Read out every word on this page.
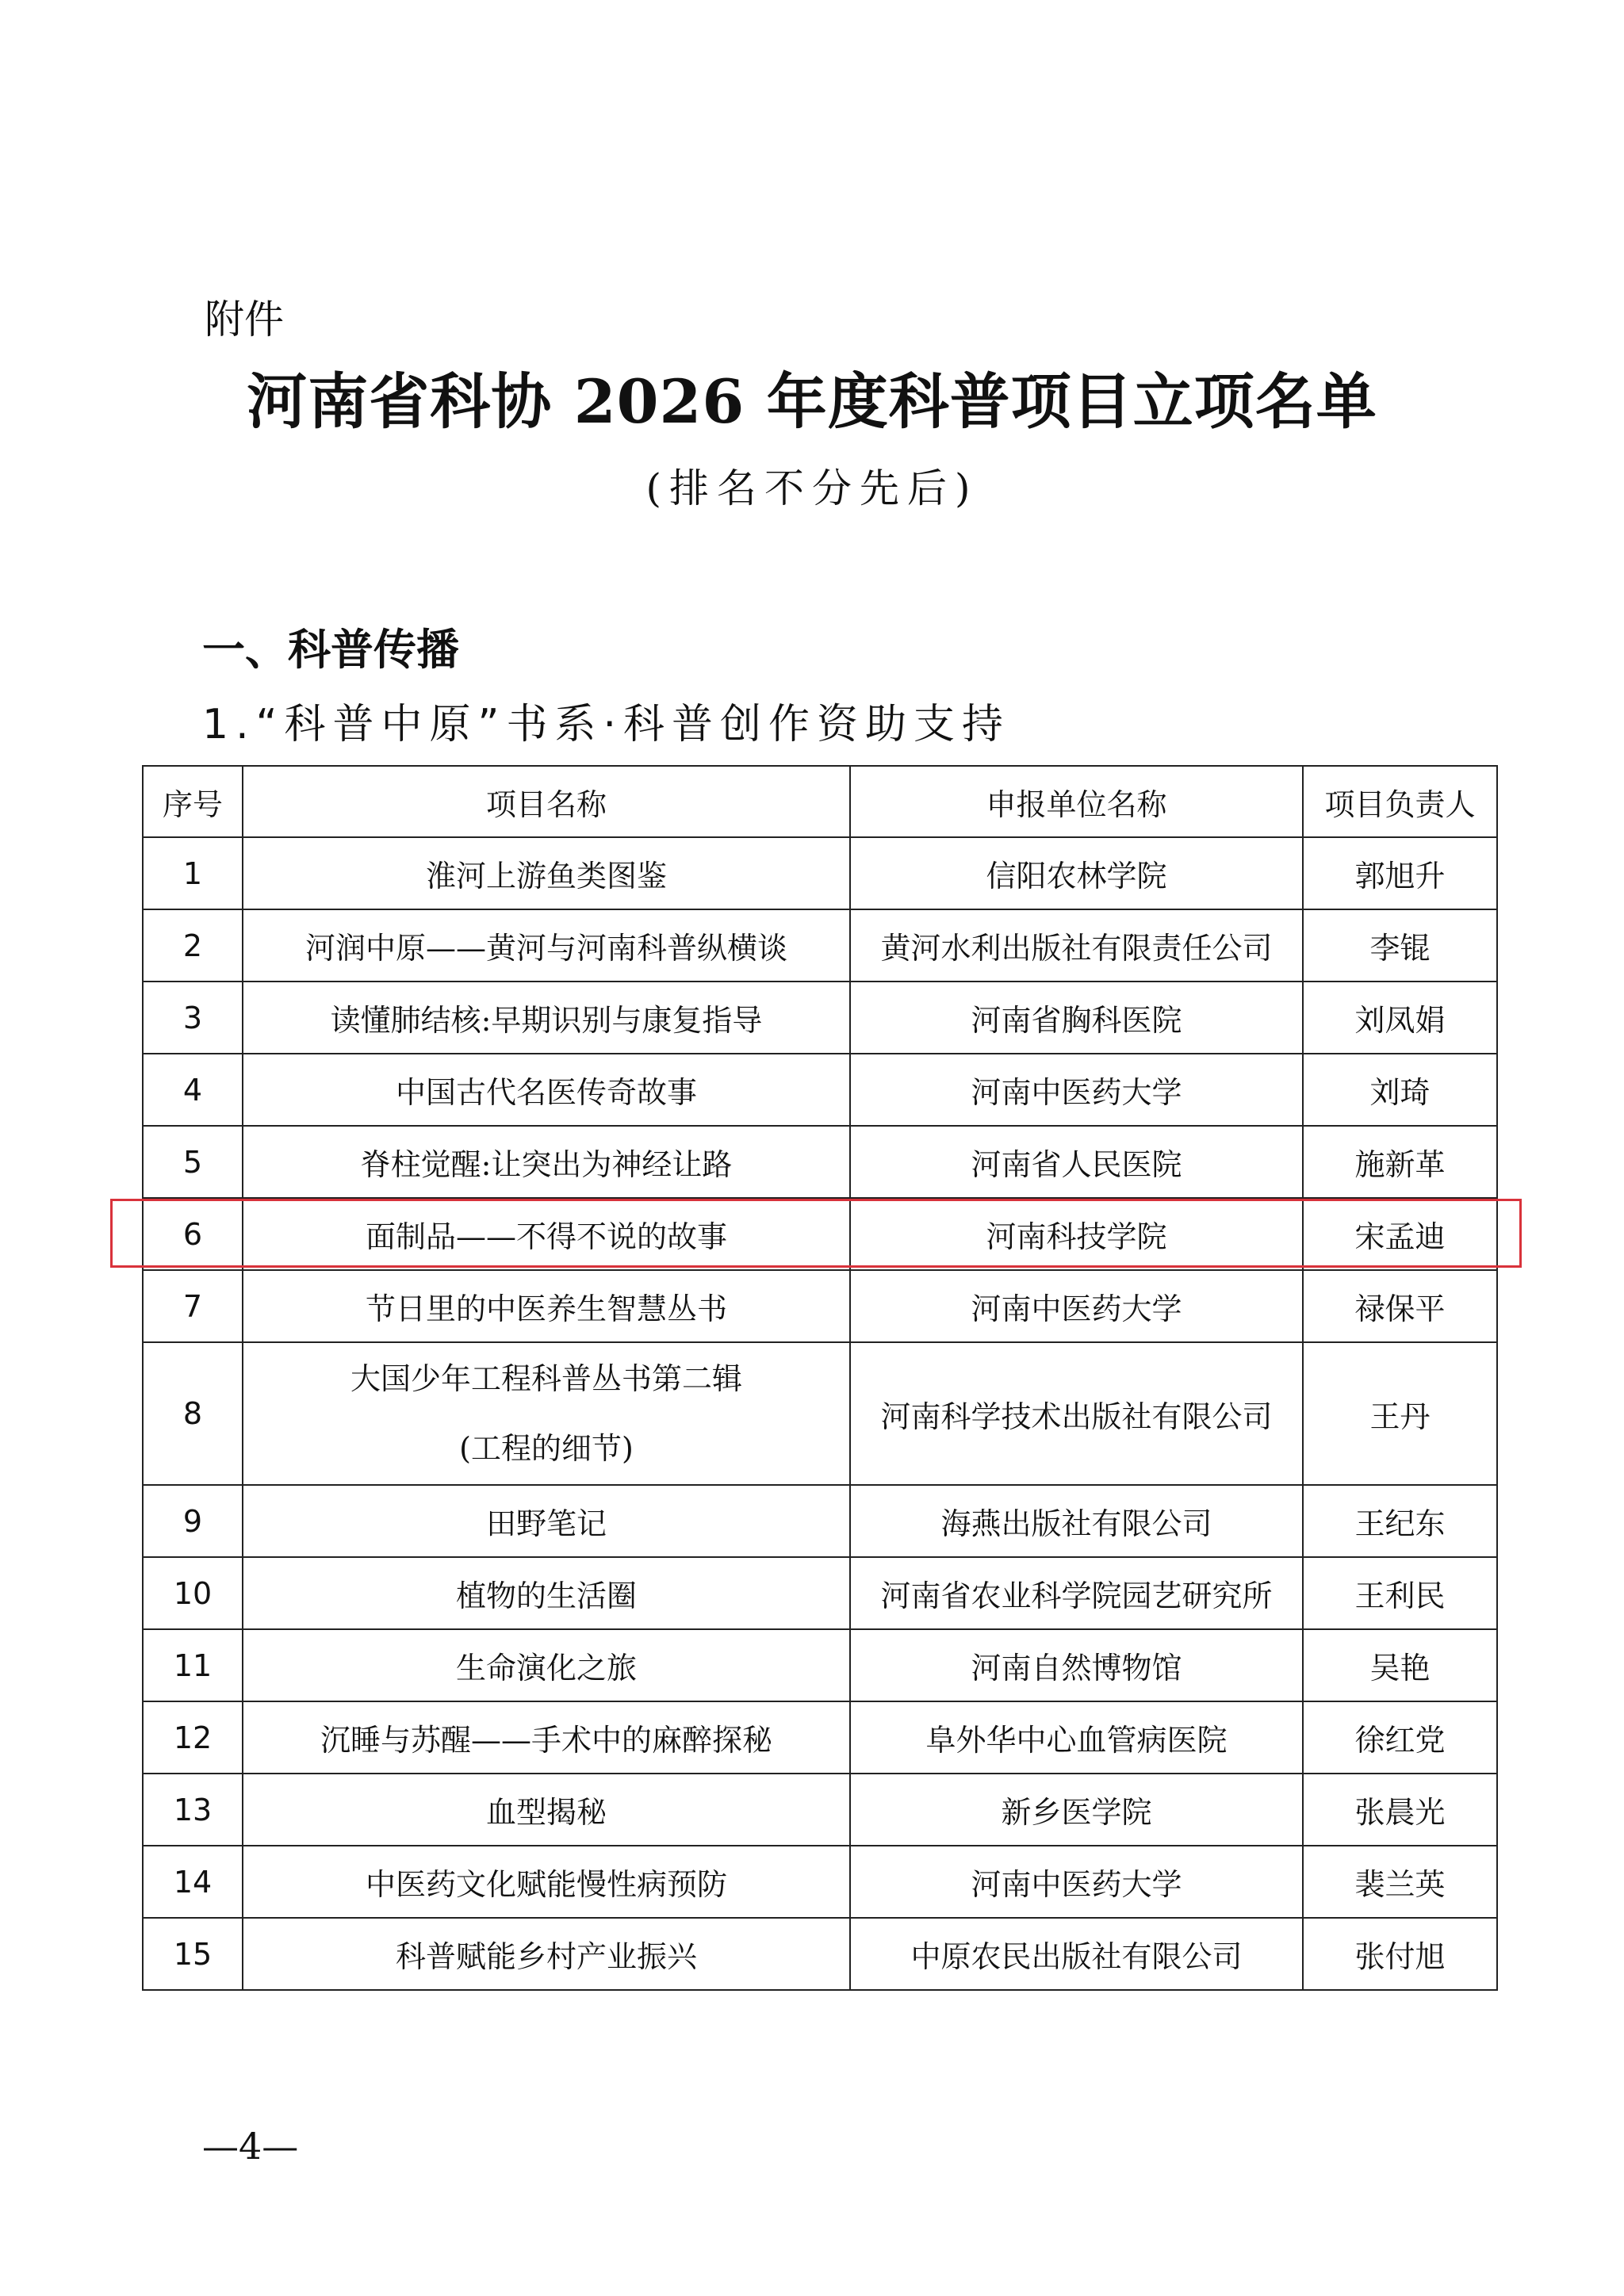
附件
河南省科协 2026 年度科普项目立项名单
(排名不分先后)
一、科普传播
1.“科普中原”书系·科普创作资助支持
序号	项目名称	申报单位名称	项目负责人
1	淮河上游鱼类图鉴	信阳农林学院	郭旭升
2	河润中原——黄河与河南科普纵横谈	黄河水利出版社有限责任公司	李锟
3	读懂肺结核:早期识别与康复指导	河南省胸科医院	刘凤娟
4	中国古代名医传奇故事	河南中医药大学	刘琦
5	脊柱觉醒:让突出为神经让路	河南省人民医院	施新革
6	面制品——不得不说的故事	河南科技学院	宋孟迪
7	节日里的中医养生智慧丛书	河南中医药大学	禄保平
8	大国少年工程科普丛书第二辑
(工程的细节)	河南科学技术出版社有限公司	王丹
9	田野笔记	海燕出版社有限公司	王纪东
10	植物的生活圈	河南省农业科学院园艺研究所	王利民
11	生命演化之旅	河南自然博物馆	吴艳
12	沉睡与苏醒——手术中的麻醉探秘	阜外华中心血管病医院	徐红党
13	血型揭秘	新乡医学院	张晨光
14	中医药文化赋能慢性病预防	河南中医药大学	裴兰英
15	科普赋能乡村产业振兴	中原农民出版社有限公司	张付旭
—4—
